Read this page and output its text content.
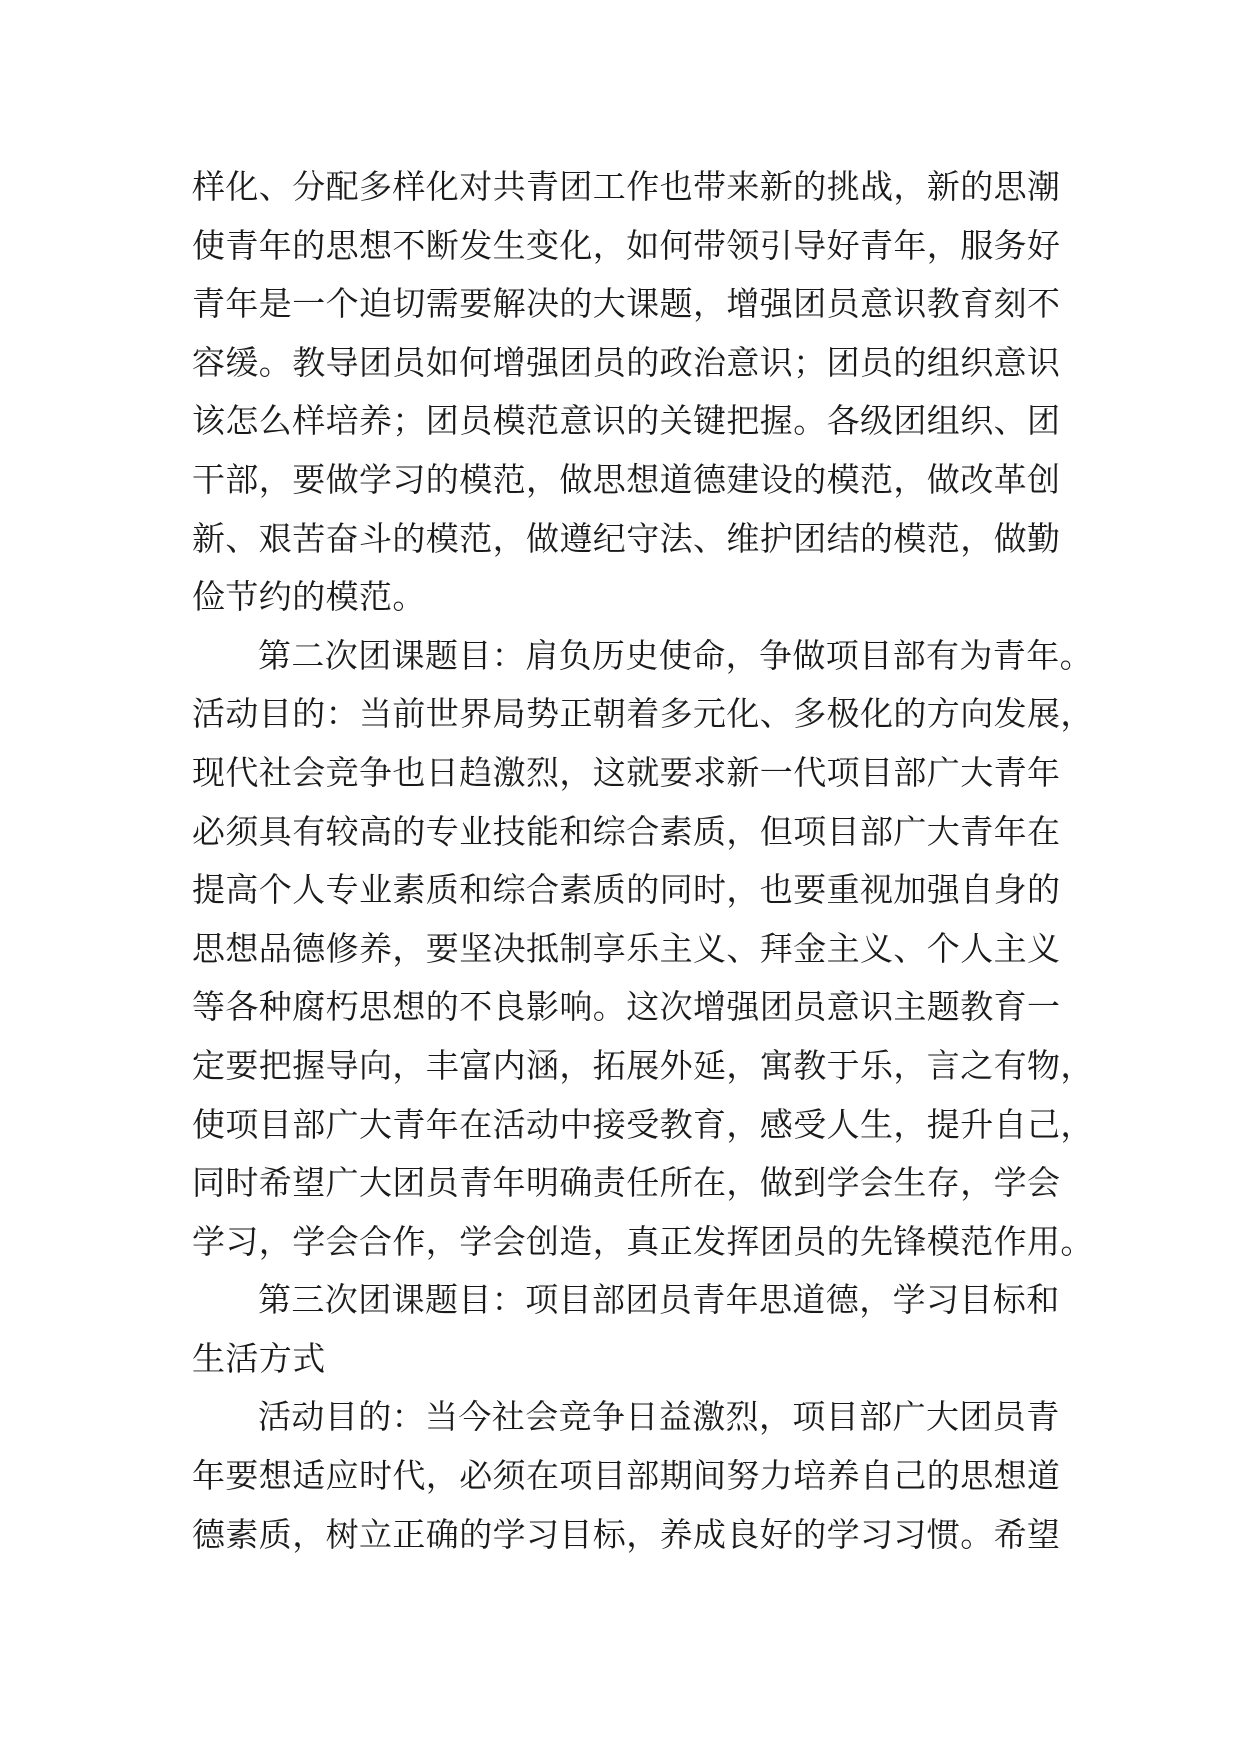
样化、分配多样化对共青团工作也带来新的挑战，新的思潮
使青年的思想不断发生变化，如何带领引导好青年，服务好
青年是一个迫切需要解决的大课题，增强团员意识教育刻不
容缓。教导团员如何增强团员的政治意识；团员的组织意识
该怎么样培养；团员模范意识的关键把握。各级团组织、团
干部，要做学习的模范，做思想道德建设的模范，做改革创
新、艰苦奋斗的模范，做遵纪守法、维护团结的模范，做勤
俭节约的模范。
第二次团课题目：肩负历史使命，争做项目部有为青年。
活动目的：当前世界局势正朝着多元化、多极化的方向发展，
现代社会竞争也日趋激烈，这就要求新一代项目部广大青年
必须具有较高的专业技能和综合素质，但项目部广大青年在
提高个人专业素质和综合素质的同时，也要重视加强自身的
思想品德修养，要坚决抵制享乐主义、拜金主义、个人主义
等各种腐朽思想的不良影响。这次增强团员意识主题教育一
定要把握导向，丰富内涵，拓展外延，寓教于乐，言之有物，
使项目部广大青年在活动中接受教育，感受人生，提升自己，
同时希望广大团员青年明确责任所在，做到学会生存，学会
学习，学会合作，学会创造，真正发挥团员的先锋模范作用。
第三次团课题目：项目部团员青年思道德，学习目标和
生活方式
活动目的：当今社会竞争日益激烈，项目部广大团员青
年要想适应时代，必须在项目部期间努力培养自己的思想道
德素质，树立正确的学习目标，养成良好的学习习惯。希望
